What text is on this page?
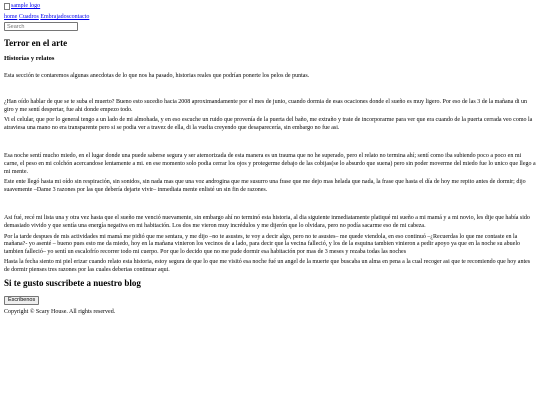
sample logo
home Cuadros Embrajadoscontacto
Search
Terror en el arte
Historias y relatos

Esta sección te contaremos algunas anecdotas de lo que nos ha pasado, historias reales que podrían ponerte los pelos de puntas.

¿Han oído hablar de que se te suba el muerto? Bueno esto sucedio hacia 2008 aproximandamente por el mes de junio, cuando dormia de esas ocaciones donde el sueño es muy ligero. Por eso de las 3 de la mañana di un giro y me sentí despertar, fue ahi donde empezo todo.

Vi el celular, que por lo general tengo a un lado de mi almohada, y en eso escuche un ruido que provenía de la puerta del baño, me extraño y trate de incorporarme para ver que era cuando de la puerta cerrada veo como la atraviesa una mano no era transparente pero si se podia ver a travez de ella, di la vuelta creyendo que desaparecería, sin embargo no fue asi.

Esa noche sentí mucho miedo, en el lugar donde una puede saberse segura y ser atemorizada de esta manera es un trauma que no he superado, pero el relato no termina ahí; sentí como iba subiendo poco a poco en mi carne, el peso en mi colchón acercandose lentamente a mi. en ese momento solo podia cerrar los ojos y protegerme debajo de las cobijas(se lo absurdo que suena) pero sin poder moverme del miedo fue lo unico que llego a mi mente.

Este ente llegó hasta mi oído sin respiración, sin sonidos, sin nada mas que una voz androgina que me susurro una frase que me dejo mas helada que nada, la frase que hasta el día de hoy me repito antes de dormir; dijo suavemente –Dame 3 razones por las que debería dejarte vivir– inmediata mente enlisté un sin fin de razones.

Asi fué, recé mi lista una y otra vez hasta que el sueño me venció nuevamente, sin embargo ahí no terminó esta historia, al dia siguiente inmediatamente platiqué mi sueño a mi mamá y a mi novio, les dije que había sido demasiado vivido y que sentía una energía negativa en mi habitación. Los dos me vieron muy incrédulos y me dijerón que lo olvidara, pero no podía sacarme eso de mi cabeza.

Por la tarde despues de mis actividades mi mamá me pidió que me sentara, y me dijo –no te asustes, te voy a decir algo, pero no te asustes– me quede viendola, en eso continuó –¿Recuerdas lo que me contaste en la mañana?- yo asenté – bueno pues esto me da miedo, hoy en la mañana vinieron los vecinos de a lado, para decir que la vecina falleció, y los de la esquina tambien vinieron a pedir apoyo ya que en la noche su abuelo tambien falleció– yo sentí un escalofrío recorrer todo mi cuerpo. Por que lo decido que no me pude dormir esa habitación por mas de 3 meses y rezaba todas las noches

Hasta la fecha siento mi piel erizar cuando relato esta historia, estoy segura de que lo que me visitó esa noche fué un angel de la muerte que buscaba un alma en pena a la cual recoger asi que te recomiendo que hoy antes de dormir pienses tres razones por las cuales deberias continuar aqui.

Si te gusto suscribete a nuestro blog
Escribenos

Copyright © Scary House. All rights reserved.
